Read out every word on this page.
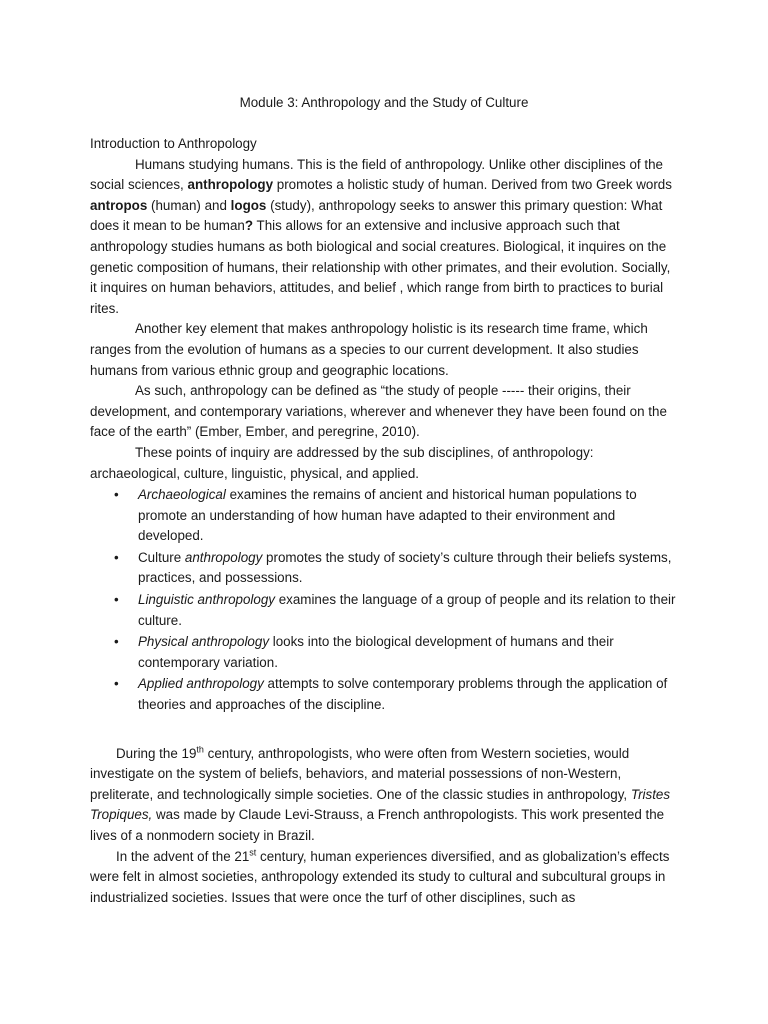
Module 3: Anthropology and the Study of Culture
Introduction to Anthropology

Humans studying humans. This is the field of anthropology. Unlike other disciplines of the social sciences, anthropology promotes a holistic study of human. Derived from two Greek words antropos (human) and logos (study), anthropology seeks to answer this primary question: What does it mean to be human? This allows for an extensive and inclusive approach such that anthropology studies humans as both biological and social creatures. Biological, it inquires on the genetic composition of humans, their relationship with other primates, and their evolution. Socially, it inquires on human behaviors, attitudes, and belief , which range from birth to practices to burial rites.

Another key element that makes anthropology holistic is its research time frame, which ranges from the evolution of humans as a species to our current development. It also studies humans from various ethnic group and geographic locations.

As such, anthropology can be defined as “the study of people ----- their origins, their development, and contemporary variations, wherever and whenever they have been found on the face of the earth” (Ember, Ember, and peregrine, 2010).

These points of inquiry are addressed by the sub disciplines, of anthropology: archaeological, culture, linguistic, physical, and applied.

• Archaeological examines the remains of ancient and historical human populations to promote an understanding of how human have adapted to their environment and developed.
• Culture anthropology promotes the study of society’s culture through their beliefs systems, practices, and possessions.
• Linguistic anthropology examines the language of a group of people and its relation to their culture.
• Physical anthropology looks into the biological development of humans and their contemporary variation.
• Applied anthropology attempts to solve contemporary problems through the application of theories and approaches of the discipline.

During the 19th century, anthropologists, who were often from Western societies, would investigate on the system of beliefs, behaviors, and material possessions of non-Western, preliterate, and technologically simple societies. One of the classic studies in anthropology, Tristes Tropiques, was made by Claude Levi-Strauss, a French anthropologists. This work presented the lives of a nonmodern society in Brazil.

In the advent of the 21st century, human experiences diversified, and as globalization’s effects were felt in almost societies, anthropology extended its study to cultural and subcultural groups in industrialized societies. Issues that were once the turf of other disciplines, such as
